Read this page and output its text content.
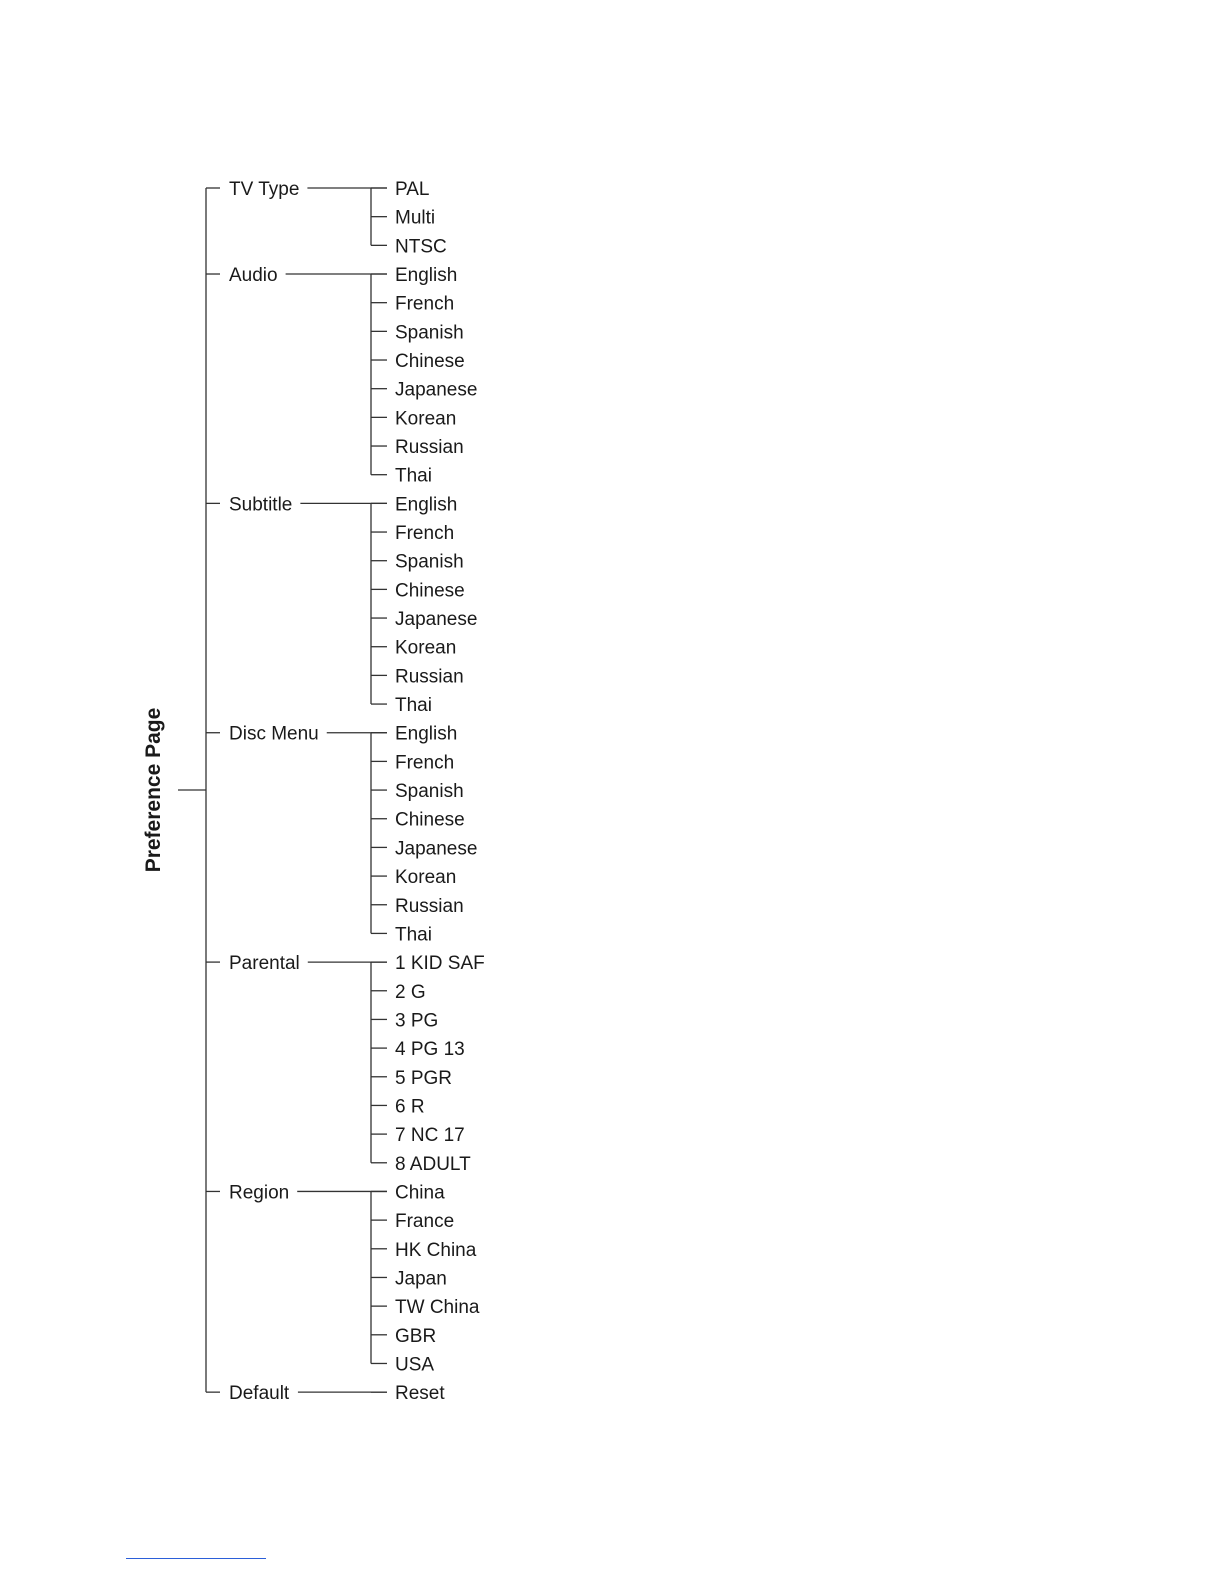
TV Type	PAL
Multi
NTSC
Audio	English
French
Spanish
Chinese
Japanese
Korean
Russian
Thai
Subtitle	English
French
Spanish
Chinese
Japanese
Korean
Russian
Thai
Disc Menu	English
French
Spanish
Chinese
Japanese
Korean
Russian
Thai
Parental	1 KID SAF
2 G
3 PG
4 PG 13
5 PGR
6 R
7 NC 17
8 ADULT
Region	China
France
HK China
Japan
TW China
GBR
USA
Default	Reset
Preference Page
